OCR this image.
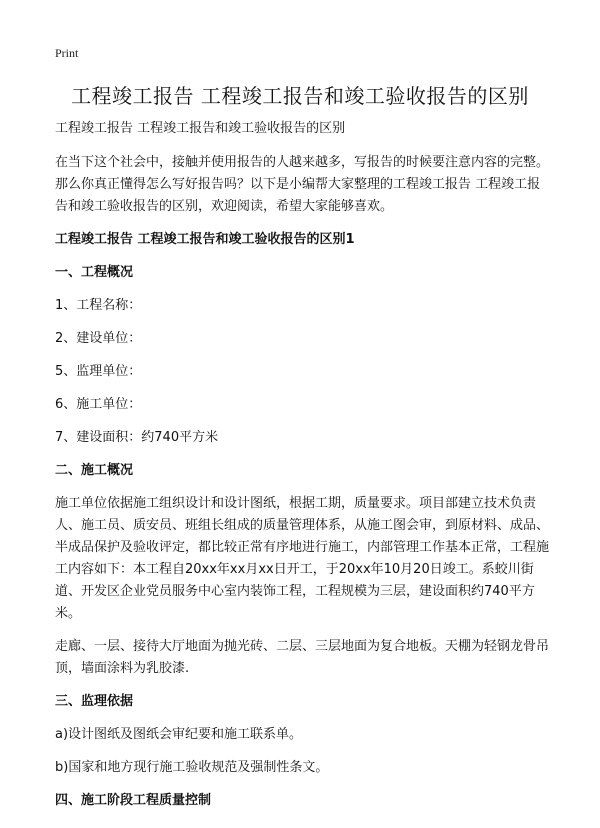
Print
工程竣工报告 工程竣工报告和竣工验收报告的区别

工程竣工报告 工程竣工报告和竣工验收报告的区别

在当下这个社会中，接触并使用报告的人越来越多，写报告的时候要注意内容的完整。那么你真正懂得怎么写好报告吗？以下是小编帮大家整理的工程竣工报告 工程竣工报告和竣工验收报告的区别，欢迎阅读，希望大家能够喜欢。

工程竣工报告 工程竣工报告和竣工验收报告的区别1

一、工程概况

1、工程名称：

2、建设单位：

5、监理单位：

6、施工单位：

7、建设面积：约740平方米

二、施工概况

施工单位依据施工组织设计和设计图纸，根据工期，质量要求。项目部建立技术负责人、施工员、质安员、班组长组成的质量管理体系，从施工图会审，到原材料、成品、半成品保护及验收评定，都比较正常有序地进行施工，内部管理工作基本正常，工程施工内容如下：本工程自20xx年xx月xx日开工，于20xx年10月20日竣工。系蛟川街道、开发区企业党员服务中心室内装饰工程，工程规模为三层，建设面积约740平方米。

走廊、一层、接待大厅地面为抛光砖、二层、三层地面为复合地板。天棚为轻钢龙骨吊顶，墙面涂料为乳胶漆.

三、监理依据

a)设计图纸及图纸会审纪要和施工联系单。

b)国家和地方现行施工验收规范及强制性条文。

四、施工阶段工程质量控制
